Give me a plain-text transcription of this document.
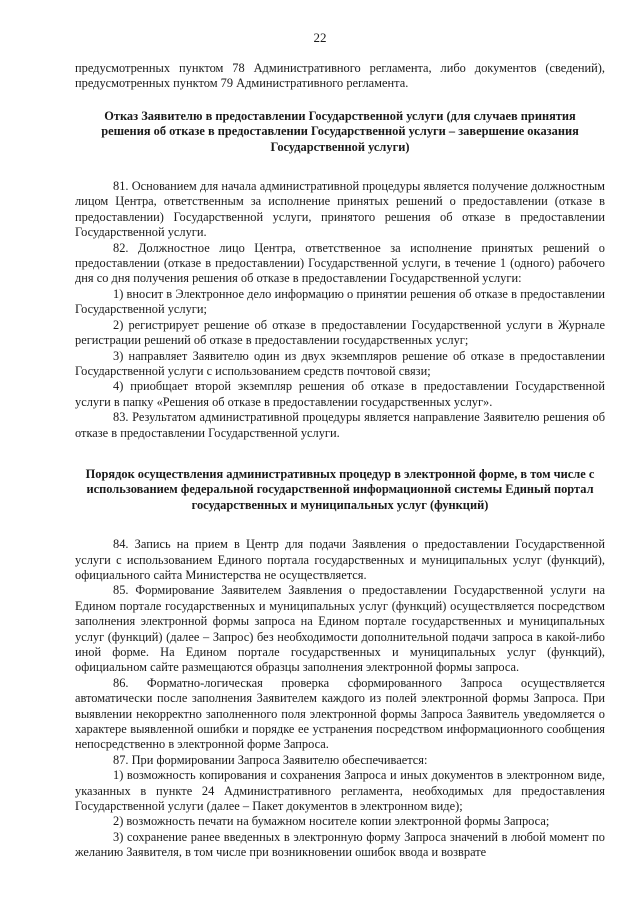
22

предусмотренных пунктом 78 Административного регламента, либо документов (сведений), предусмотренных пунктом 79 Административного регламента.

Отказ Заявителю в предоставлении Государственной услуги (для случаев принятия решения об отказе в предоставлении Государственной услуги – завершение оказания Государственной услуги)

81. Основанием для начала административной процедуры является получение должностным лицом Центра, ответственным за исполнение принятых решений о предоставлении (отказе в предоставлении) Государственной услуги, принятого решения об отказе в предоставлении Государственной услуги.

82. Должностное лицо Центра, ответственное за исполнение принятых решений о предоставлении (отказе в предоставлении) Государственной услуги, в течение 1 (одного) рабочего дня со дня получения решения об отказе в предоставлении Государственной услуги:

1) вносит в Электронное дело информацию о принятии решения об отказе в предоставлении Государственной услуги;

2) регистрирует решение об отказе в предоставлении Государственной услуги в Журнале регистрации решений об отказе в предоставлении государственных услуг;

3) направляет Заявителю один из двух экземпляров решение об отказе в предоставлении Государственной услуги с использованием средств почтовой связи;

4) приобщает второй экземпляр решения об отказе в предоставлении Государственной услуги в папку «Решения об отказе в предоставлении государственных услуг».

83. Результатом административной процедуры является направление Заявителю решения об отказе в предоставлении Государственной услуги.

Порядок осуществления административных процедур в электронной форме, в том числе с использованием федеральной государственной информационной системы Единый портал государственных и муниципальных услуг (функций)

84. Запись на прием в Центр для подачи Заявления о предоставлении Государственной услуги с использованием Единого портала государственных и муниципальных услуг (функций), официального сайта Министерства не осуществляется.

85. Формирование Заявителем Заявления о предоставлении Государственной услуги на Едином портале государственных и муниципальных услуг (функций) осуществляется посредством заполнения электронной формы запроса на Едином портале государственных и муниципальных услуг (функций) (далее – Запрос) без необходимости дополнительной подачи запроса в какой-либо иной форме. На Едином портале государственных и муниципальных услуг (функций), официальном сайте размещаются образцы заполнения электронной формы запроса.

86. Форматно-логическая проверка сформированного Запроса осуществляется автоматически после заполнения Заявителем каждого из полей электронной формы Запроса. При выявлении некорректно заполненного поля электронной формы Запроса Заявитель уведомляется о характере выявленной ошибки и порядке ее устранения посредством информационного сообщения непосредственно в электронной форме Запроса.

87. При формировании Запроса Заявителю обеспечивается:

1) возможность копирования и сохранения Запроса и иных документов в электронном виде, указанных в пункте 24 Административного регламента, необходимых для предоставления Государственной услуги (далее – Пакет документов в электронном виде);

2) возможность печати на бумажном носителе копии электронной формы Запроса;

3) сохранение ранее введенных в электронную форму Запроса значений в любой момент по желанию Заявителя, в том числе при возникновении ошибок ввода и возврате
